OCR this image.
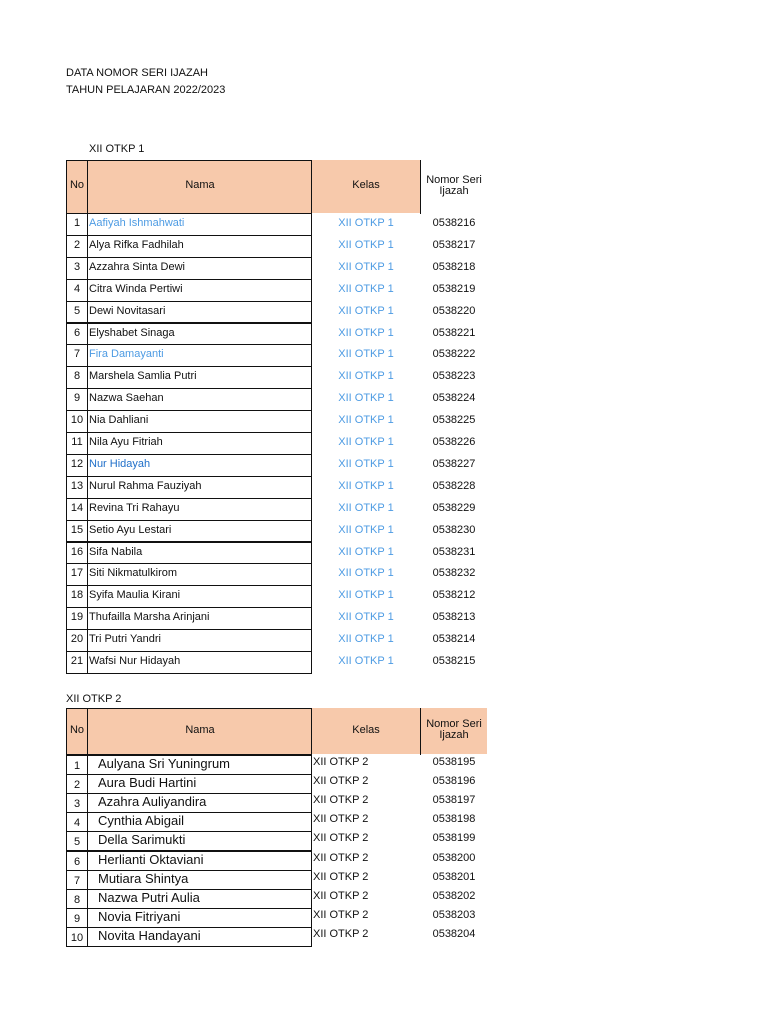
DATA NOMOR SERI IJAZAH
TAHUN PELAJARAN 2022/2023
XII OTKP 1
No	Nama	Kelas	Nomor Seri Ijazah
1 Aafiyah Ishmahwati	XII OTKP 1	0538216
2 Alya Rifka Fadhilah	XII OTKP 1	0538217
3 Azzahra Sinta Dewi	XII OTKP 1	0538218
4 Citra Winda Pertiwi	XII OTKP 1	0538219
5 Dewi Novitasari	XII OTKP 1	0538220
6 Elyshabet Sinaga	XII OTKP 1	0538221
7 Fira Damayanti	XII OTKP 1	0538222
8 Marshela Samlia Putri	XII OTKP 1	0538223
9 Nazwa Saehan	XII OTKP 1	0538224
10 Nia Dahliani	XII OTKP 1	0538225
11 Nila Ayu Fitriah	XII OTKP 1	0538226
12 Nur Hidayah	XII OTKP 1	0538227
13 Nurul Rahma Fauziyah	XII OTKP 1	0538228
14 Revina Tri Rahayu	XII OTKP 1	0538229
15 Setio Ayu Lestari	XII OTKP 1	0538230
16 Sifa Nabila	XII OTKP 1	0538231
17 Siti Nikmatulkirom	XII OTKP 1	0538232
18 Syifa Maulia Kirani	XII OTKP 1	0538212
19 Thufailla Marsha Arinjani	XII OTKP 1	0538213
20 Tri Putri Yandri	XII OTKP 1	0538214
21 Wafsi Nur Hidayah	XII OTKP 1	0538215
XII OTKP 2
No	Nama	Kelas	Nomor Seri Ijazah
1	Aulyana Sri Yuningrum	XII OTKP 2	0538195
2	Aura Budi Hartini	XII OTKP 2	0538196
3	Azahra Auliyandira	XII OTKP 2	0538197
4	Cynthia Abigail	XII OTKP 2	0538198
5	Della Sarimukti	XII OTKP 2	0538199
6	Herlianti Oktaviani	XII OTKP 2	0538200
7	Mutiara Shintya	XII OTKP 2	0538201
8	Nazwa Putri Aulia	XII OTKP 2	0538202
9	Novia Fitriyani	XII OTKP 2	0538203
10	Novita Handayani	XII OTKP 2	0538204
